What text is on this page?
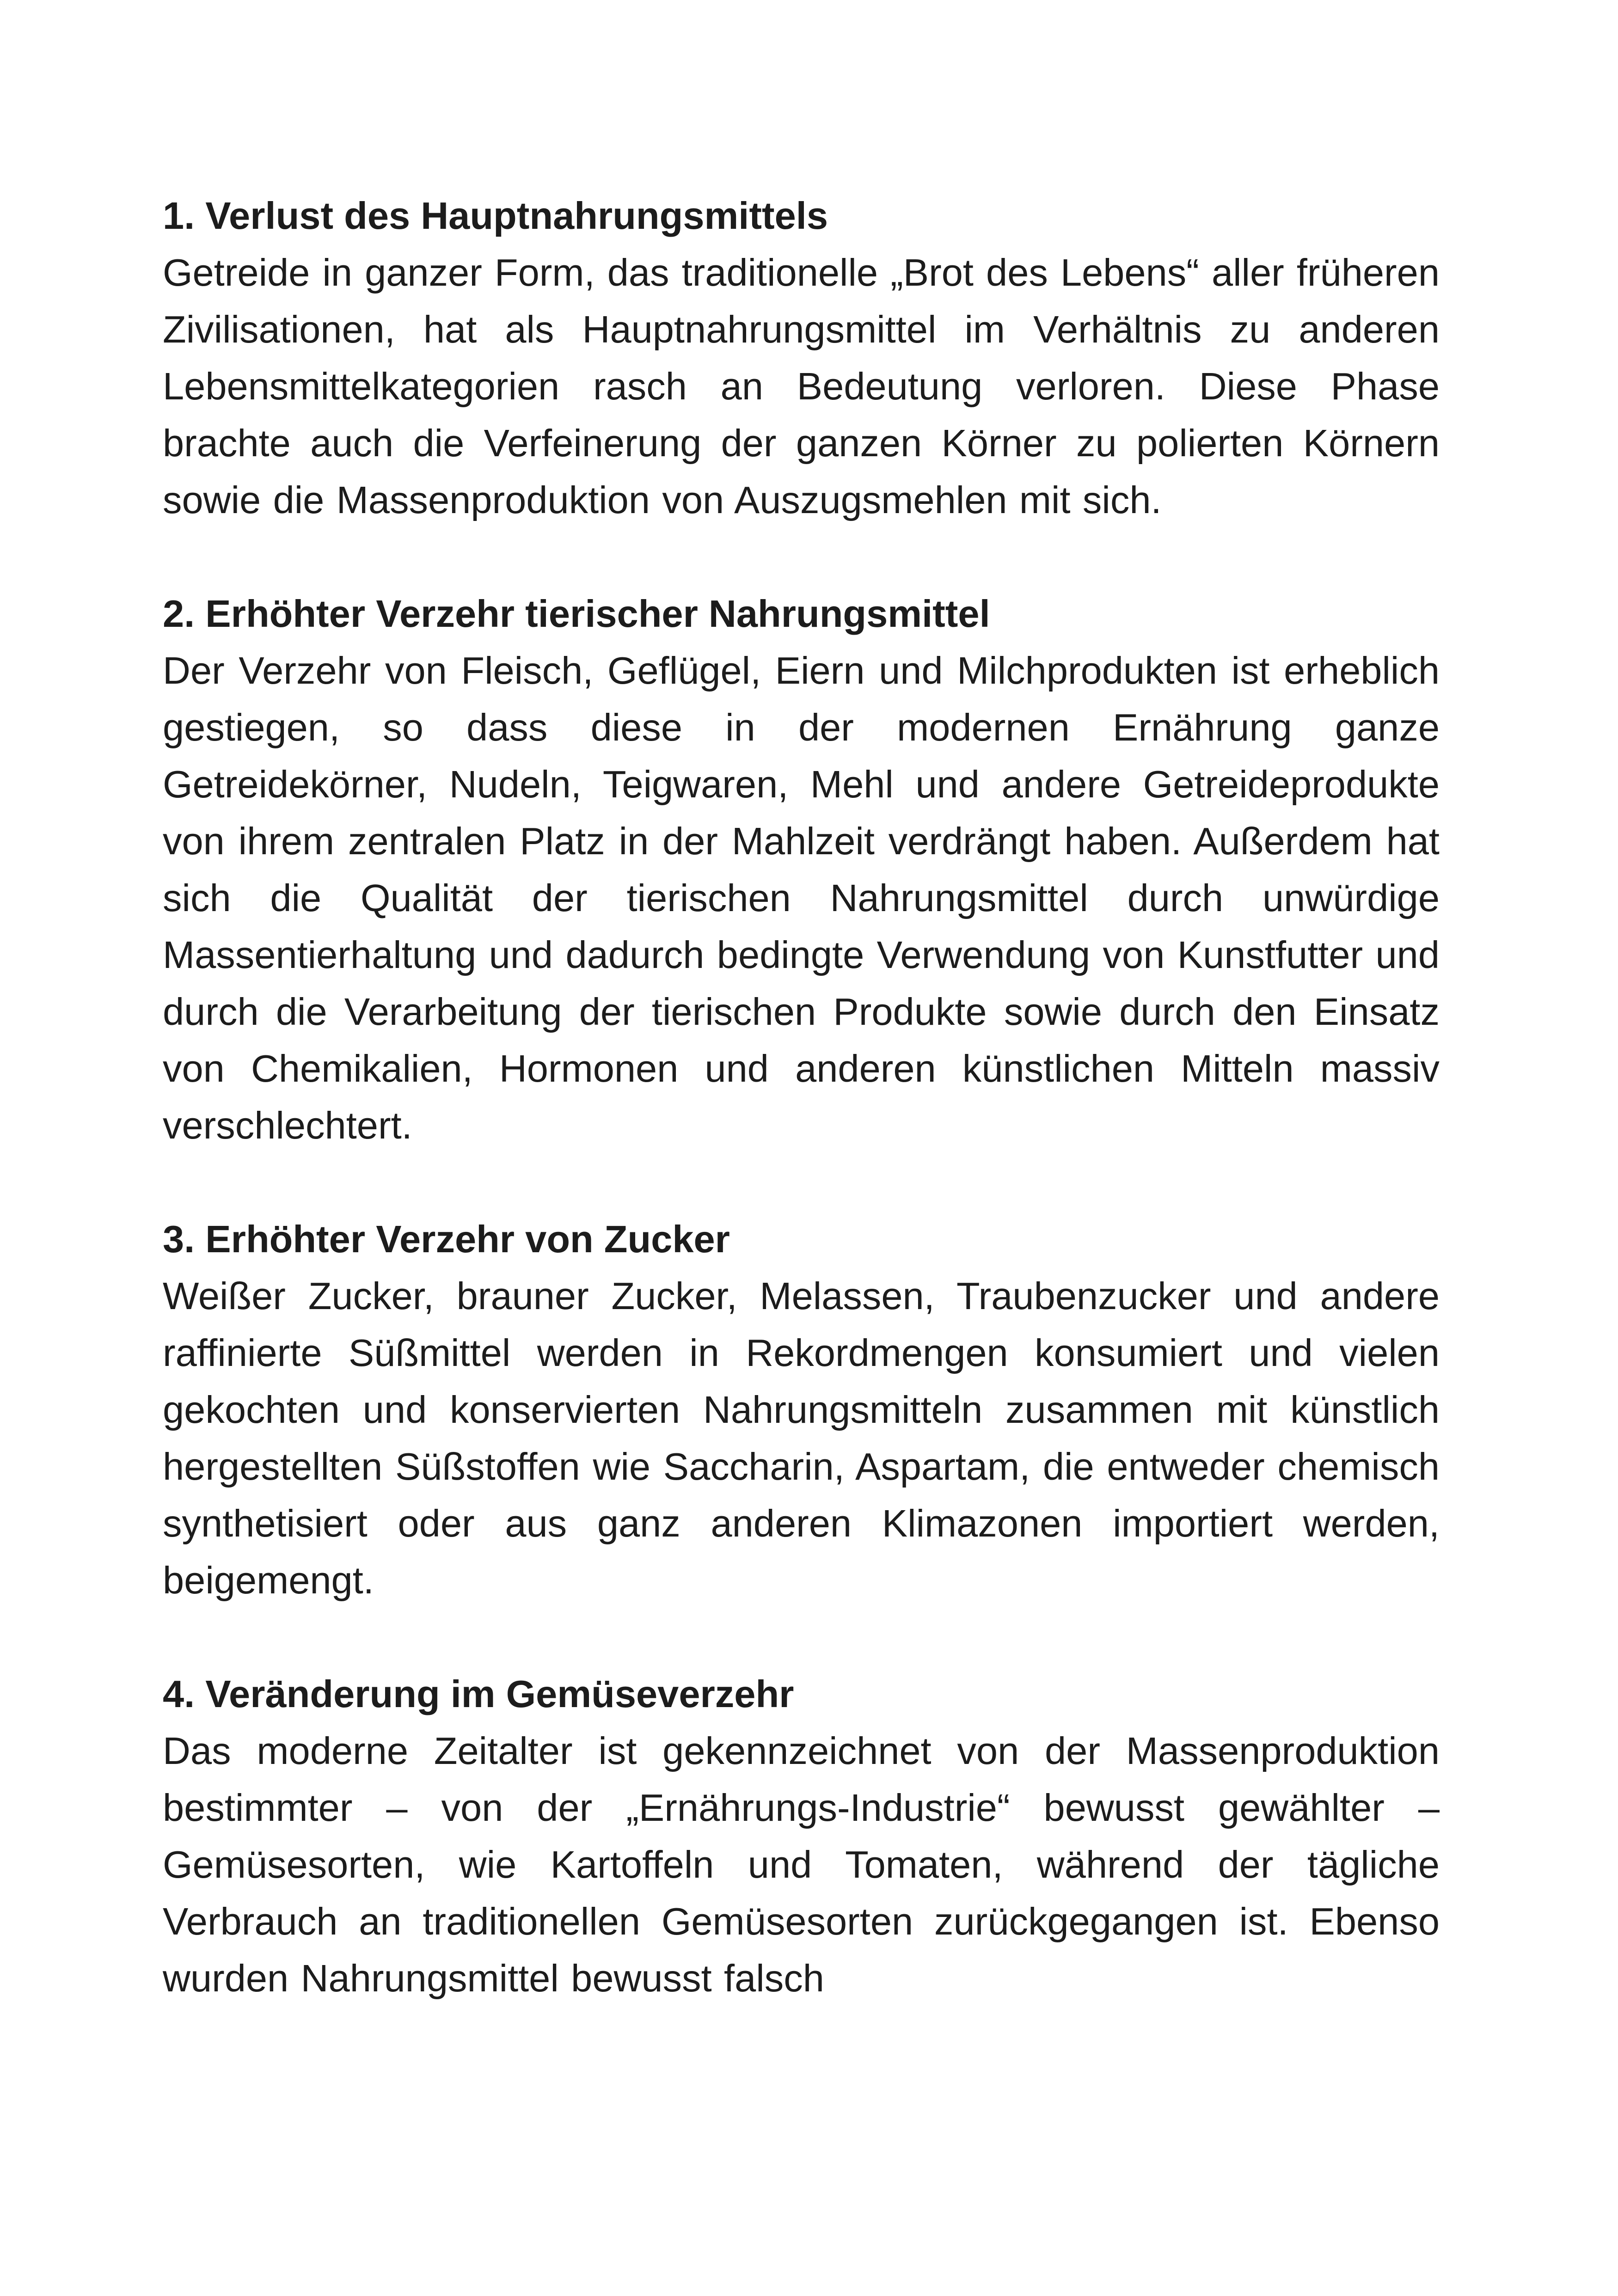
1. Verlust des Hauptnahrungsmittels

Getreide in ganzer Form, das traditionelle „Brot des Lebens“ aller früheren Zivilisationen, hat als Hauptnahrungsmittel im Verhältnis zu anderen Lebensmittelkategorien rasch an Bedeutung verloren. Diese Phase brachte auch die Verfeinerung der ganzen Körner zu polierten Körnern sowie die Massenproduktion von Auszugsmehlen mit sich.

2. Erhöhter Verzehr tierischer Nahrungsmittel

Der Verzehr von Fleisch, Geflügel, Eiern und Milchprodukten ist erheblich gestiegen, so dass diese in der modernen Ernährung ganze Getreidekörner, Nudeln, Teigwaren, Mehl und andere Getreideprodukte von ihrem zentralen Platz in der Mahlzeit verdrängt haben. Außerdem hat sich die Qualität der tierischen Nahrungsmittel durch unwürdige Massentierhaltung und dadurch bedingte Verwendung von Kunstfutter und durch die Verarbeitung der tierischen Produkte sowie durch den Einsatz von Chemikalien, Hormonen und anderen künstlichen Mitteln massiv verschlechtert.

3. Erhöhter Verzehr von Zucker

Weißer Zucker, brauner Zucker, Melassen, Traubenzucker und andere raffinierte Süßmittel werden in Rekordmengen konsumiert und vielen gekochten und konservierten Nahrungsmitteln zusammen mit künstlich hergestellten Süßstoffen wie Saccharin, Aspartam, die entweder chemisch synthetisiert oder aus ganz anderen Klimazonen importiert werden, beigemengt.

4. Veränderung im Gemüseverzehr

Das moderne Zeitalter ist gekennzeichnet von der Massenproduktion bestimmter – von der „Ernährungs-Industrie“ bewusst gewählter – Gemüsesorten, wie Kartoffeln und Tomaten, während der tägliche Verbrauch an traditionellen Gemüsesorten zurückgegangen ist. Ebenso wurden Nahrungsmittel bewusst falsch
